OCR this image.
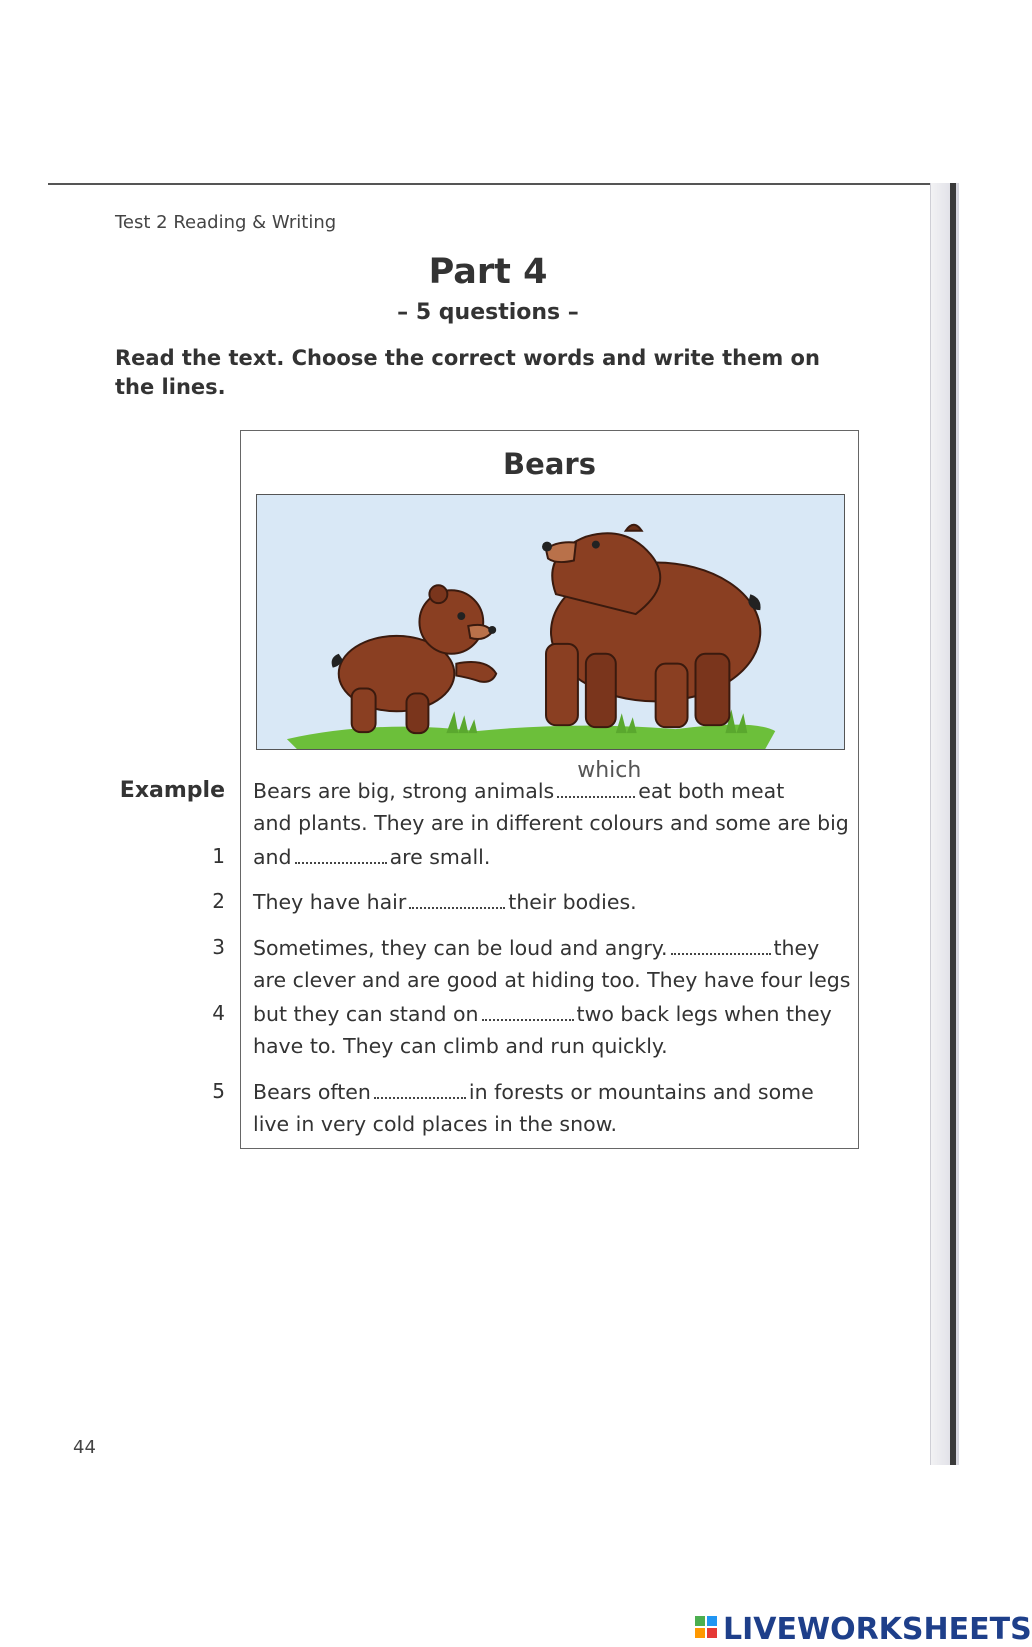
Test 2 Reading & Writing
Part 4
– 5 questions –
Read the text. Choose the correct words and write them on the lines.
Bears
Example Bears are big, strong animals
which
eat both meat
and plants. They are in different colours and some are big
1 and	are small.
2 They have hair	their bodies.
3 Sometimes, they can be loud and angry.	they
are clever and are good at hiding too. They have four legs
4 but they can stand on	two back legs when they
have to. They can climb and run quickly.
5 Bears often	in forests or mountains and some
live in very cold places in the snow.
44
LIVEWORKSHEETS
